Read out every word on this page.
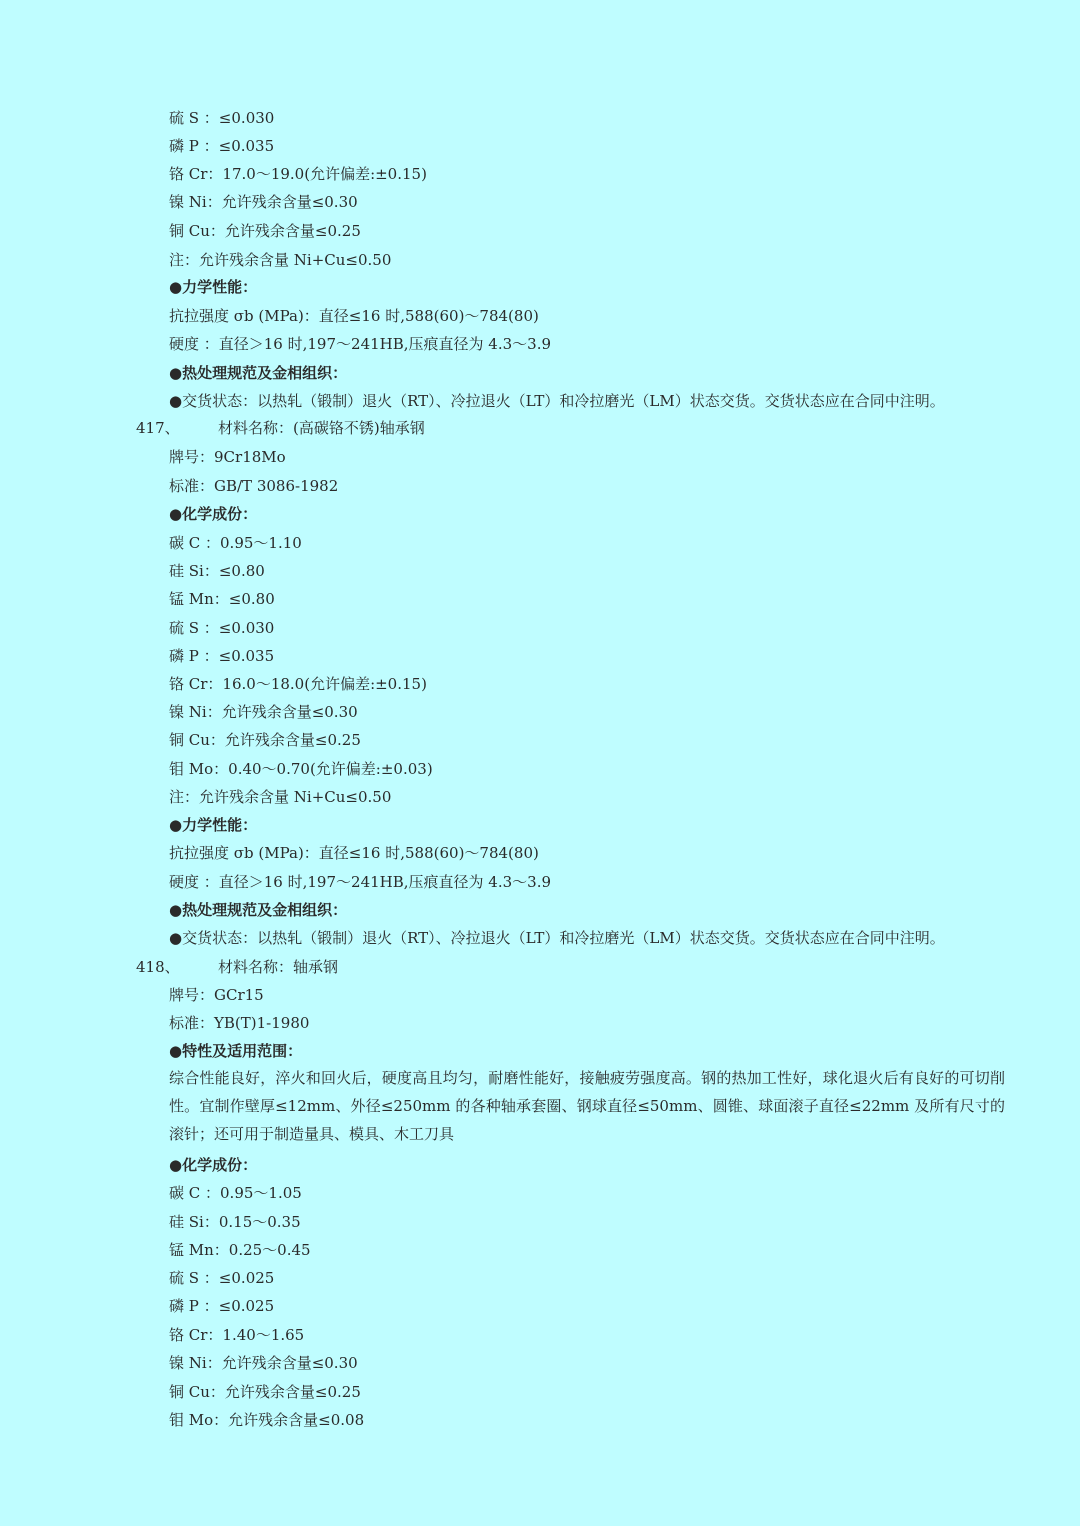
硫 S ：≤0.030
磷 P ：≤0.035
铬 Cr：17.0～19.0(允许偏差:±0.15)
镍 Ni：允许残余含量≤0.30
铜 Cu：允许残余含量≤0.25
注：允许残余含量 Ni+Cu≤0.50
●力学性能：
抗拉强度 σb (MPa)：直径≤16 时,588(60)～784(80)
硬度 ：直径＞16 时,197～241HB,压痕直径为 4.3～3.9
●热处理规范及金相组织：
●交货状态：以热轧（锻制）退火（RT）、冷拉退火（LT）和冷拉磨光（LM）状态交货。交货状态应在合同中注明。
417、	材料名称：(高碳铬不锈)轴承钢
牌号：9Cr18Mo
标准：GB/T 3086-1982
●化学成份：
碳 C ：0.95～1.10
硅 Si：≤0.80
锰 Mn：≤0.80
硫 S ：≤0.030
磷 P ：≤0.035
铬 Cr：16.0～18.0(允许偏差:±0.15)
镍 Ni：允许残余含量≤0.30
铜 Cu：允许残余含量≤0.25
钼 Mo：0.40～0.70(允许偏差:±0.03)
注：允许残余含量 Ni+Cu≤0.50
●力学性能：
抗拉强度 σb (MPa)：直径≤16 时,588(60)～784(80)
硬度 ：直径＞16 时,197～241HB,压痕直径为 4.3～3.9
●热处理规范及金相组织：
●交货状态：以热轧（锻制）退火（RT）、冷拉退火（LT）和冷拉磨光（LM）状态交货。交货状态应在合同中注明。
418、	材料名称：轴承钢
牌号：GCr15
标准：YB(T)1-1980
●特性及适用范围：
综合性能良好，淬火和回火后，硬度高且均匀，耐磨性能好，接触疲劳强度高。钢的热加工性好，球化退火后有良好的可切削性。宜制作壁厚≤12mm、外径≤250mm 的各种轴承套圈、钢球直径≤50mm、圆锥、球面滚子直径≤22mm 及所有尺寸的滚针；还可用于制造量具、模具、木工刀具
●化学成份：
碳 C ：0.95～1.05
硅 Si：0.15～0.35
锰 Mn：0.25～0.45
硫 S ：≤0.025
磷 P ：≤0.025
铬 Cr：1.40～1.65
镍 Ni：允许残余含量≤0.30
铜 Cu：允许残余含量≤0.25
钼 Mo：允许残余含量≤0.08
